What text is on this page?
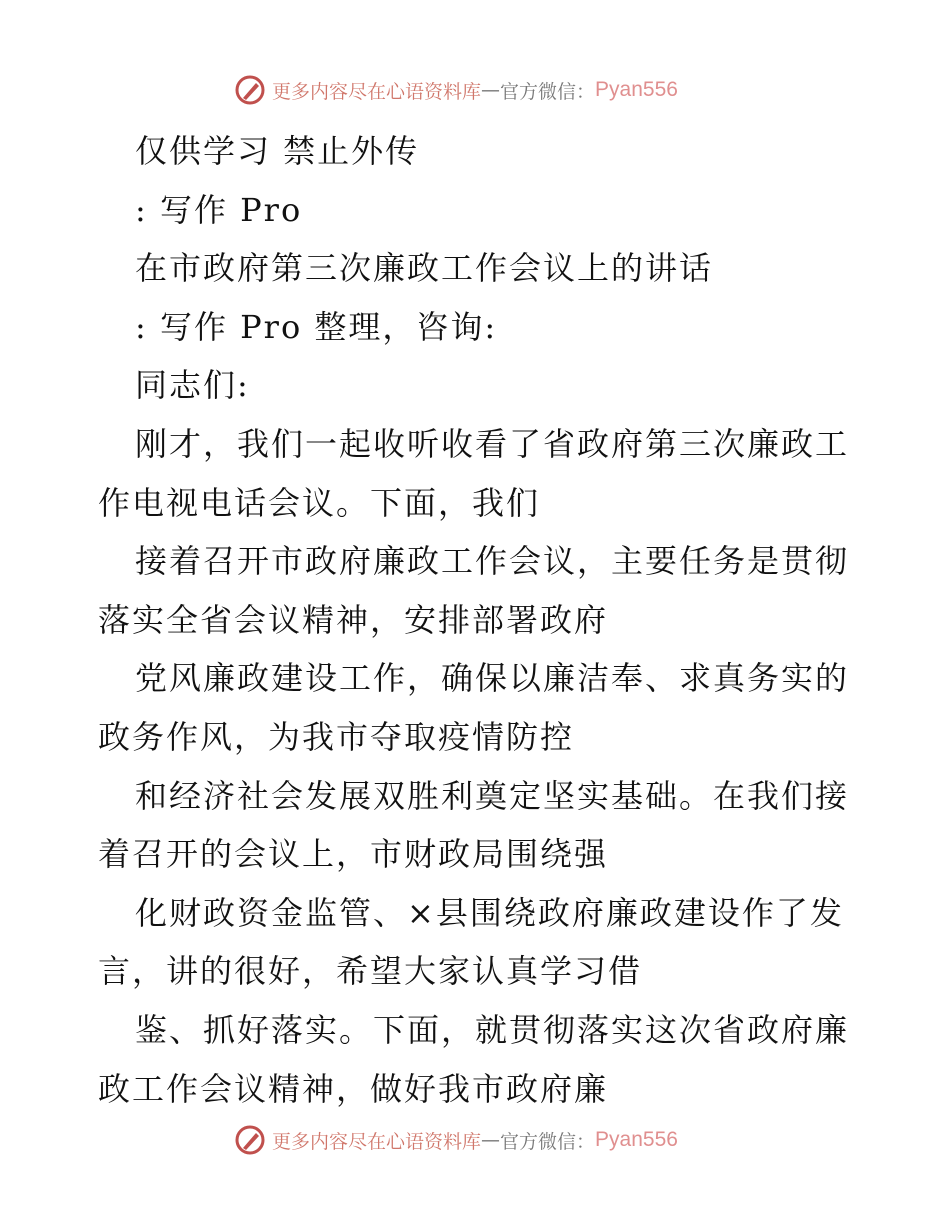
更多内容尽在心语资料库 — 官方微信： Pyan556
仅供学习 禁止外传
: 写作 Pro
在市政府第三次廉政工作会议上的讲话
: 写作 Pro 整理，咨询:
同志们:
刚才，我们一起收听收看了省政府第三次廉政工
作电视电话会议。下面，我们
接着召开市政府廉政工作会议，主要任务是贯彻
落实全省会议精神，安排部署政府
党风廉政建设工作，确保以廉洁奉、求真务实的
政务作风，为我市夺取疫情防控
和经济社会发展双胜利奠定坚实基础。在我们接
着召开的会议上，市财政局围绕强
化财政资金监管、×县围绕政府廉政建设作了发
言，讲的很好，希望大家认真学习借
鉴、抓好落实。下面，就贯彻落实这次省政府廉
政工作会议精神，做好我市政府廉
更多内容尽在心语资料库 — 官方微信： Pyan556
